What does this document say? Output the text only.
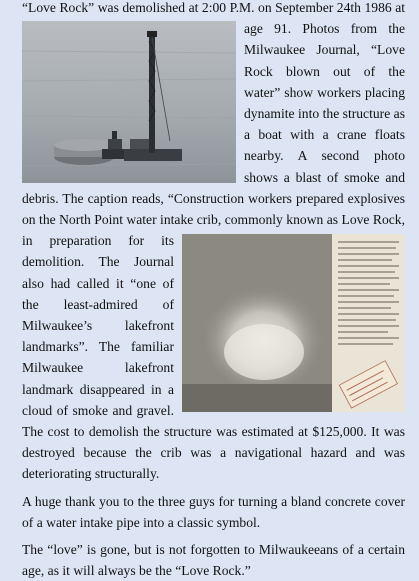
“Love Rock” was demolished at 2:00 P.M. on September 24th 1986 at age 91. Photos from the Milwaukee Journal, “Love Rock blown out of the water” show workers placing dynamite into the structure as a boat with a crane floats nearby. A second photo shows a blast of smoke and debris. The caption reads, “Construction workers prepared explosives on the North Point water intake crib, commonly known as Love Rock, in preparation
for its demolition. The Journal also had called it “one of the least-admired of Milwaukee’s lakefront landmarks”. The familiar Milwaukee lakefront landmark disappeared in a cloud of smoke and gravel. The cost to demolish the structure was estimated at $125,000. It was destroyed because the crib was a navigational hazard and was deteriorating structurally.

A huge thank you to the three guys for turning a bland concrete cover of a water intake pipe into a classic symbol.

The “love” is gone, but is not forgotten to Milwaukeeans of a certain age, as it will always be the “Love Rock.”
